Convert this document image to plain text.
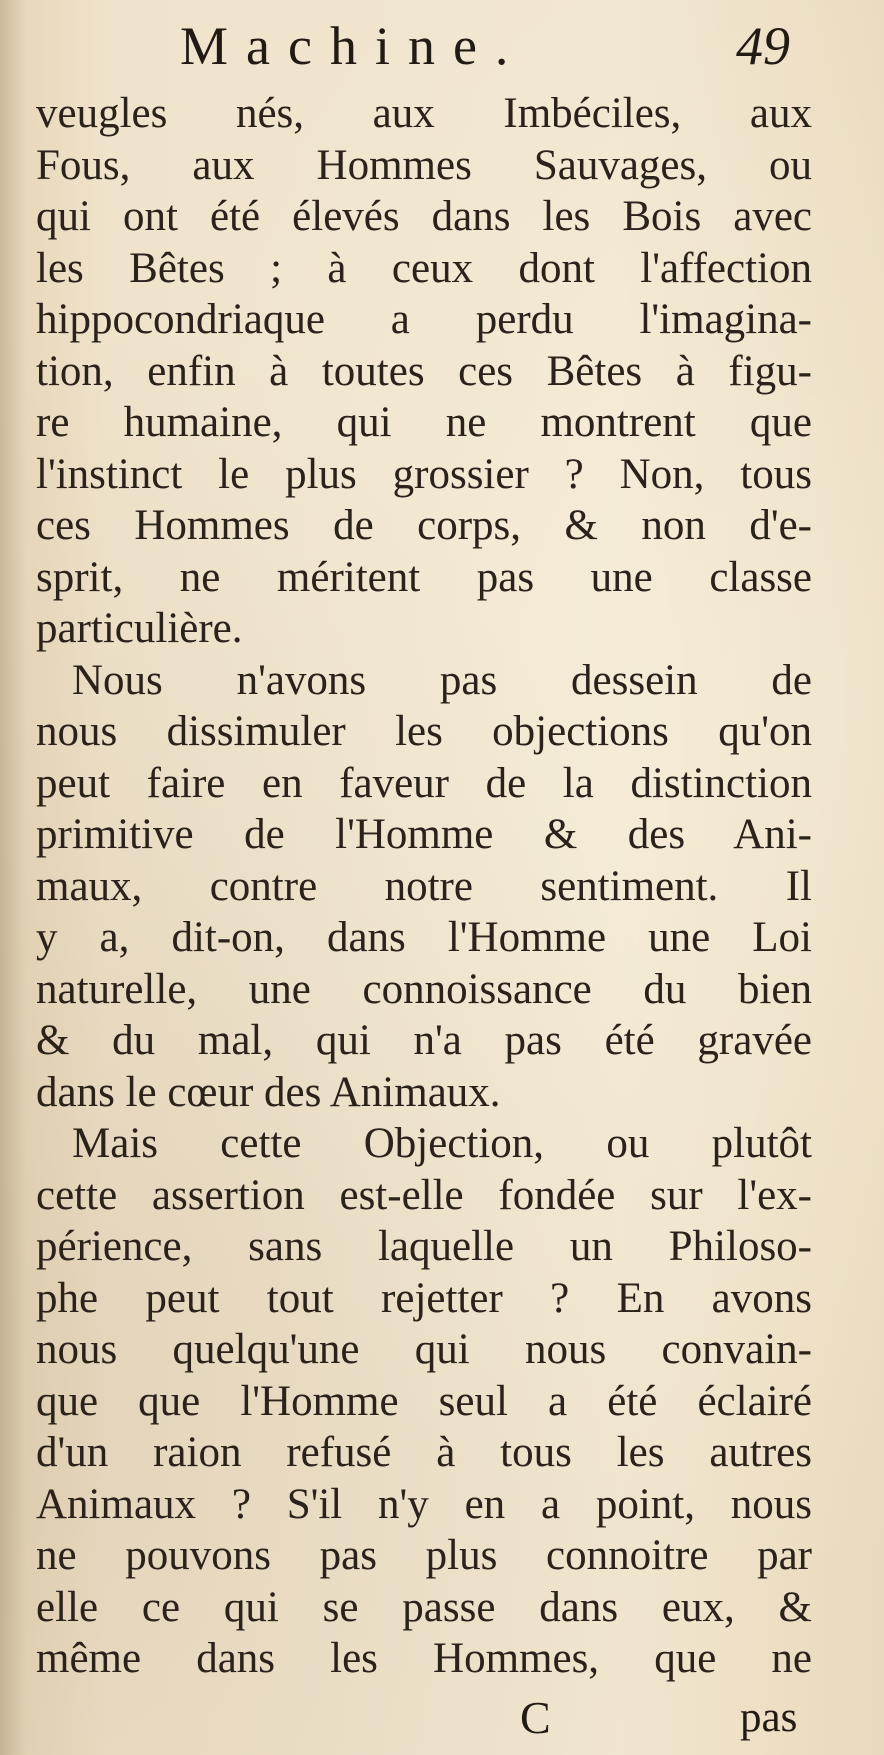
Machine.	49
veugles nés, aux Imbéciles, aux
Fous, aux Hommes Sauvages, ou
qui ont été élevés dans les Bois avec
les Bêtes ; à ceux dont l'affection
hippocondriaque a perdu l'imagina-
tion, enfin à toutes ces Bêtes à figu-
re humaine, qui ne montrent que
l'instinct le plus grossier ? Non, tous
ces Hommes de corps, & non d'e-
sprit, ne méritent pas une classe
particulière.
Nous n'avons pas dessein de
nous dissimuler les objections qu'on
peut faire en faveur de la distinction
primitive de l'Homme & des Ani-
maux, contre notre sentiment. Il
y a, dit-on, dans l'Homme une Loi
naturelle, une connoissance du bien
& du mal, qui n'a pas été gravée
dans le cœur des Animaux.
Mais cette Objection, ou plutôt
cette assertion est-elle fondée sur l'ex-
périence, sans laquelle un Philoso-
phe peut tout rejetter ? En avons
nous quelqu'une qui nous convain-
que que l'Homme seul a été éclairé
d'un raion refusé à tous les autres
Animaux ? S'il n'y en a point, nous
ne pouvons pas plus connoitre par
elle ce qui se passe dans eux, &
même dans les Hommes, que ne
C	pas
